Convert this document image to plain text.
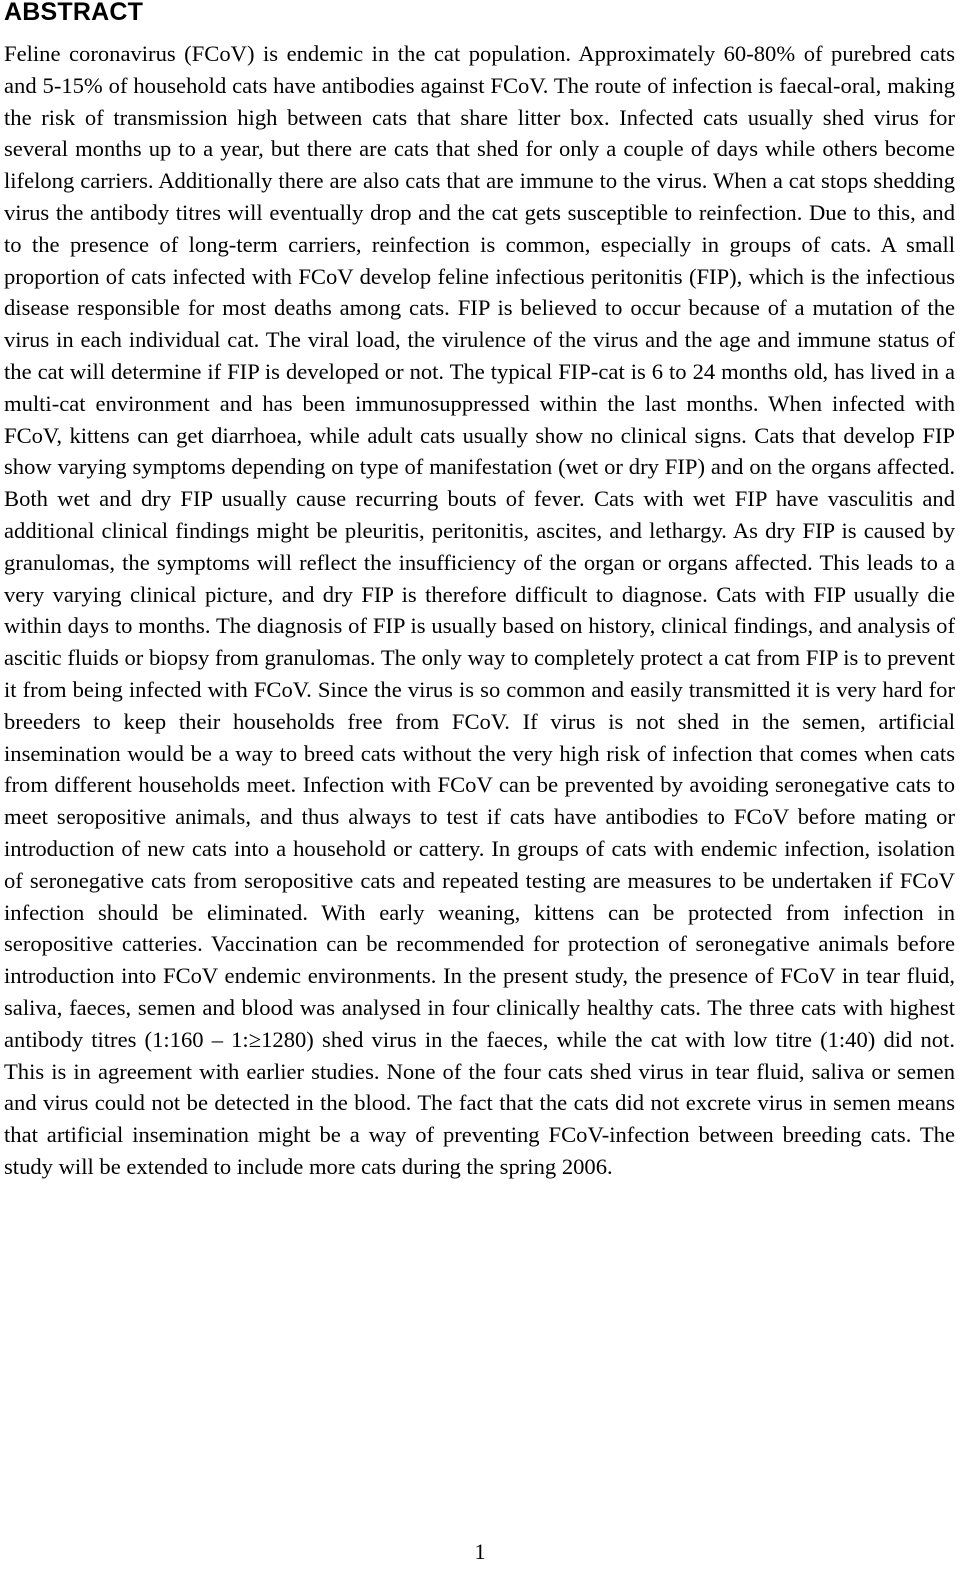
ABSTRACT

Feline coronavirus (FCoV) is endemic in the cat population. Approximately 60-80% of purebred cats and 5-15% of household cats have antibodies against FCoV. The route of infection is faecal-oral, making the risk of transmission high between cats that share litter box. Infected cats usually shed virus for several months up to a year, but there are cats that shed for only a couple of days while others become lifelong carriers. Additionally there are also cats that are immune to the virus. When a cat stops shedding virus the antibody titres will eventually drop and the cat gets susceptible to reinfection. Due to this, and to the presence of long-term carriers, reinfection is common, especially in groups of cats. A small proportion of cats infected with FCoV develop feline infectious peritonitis (FIP), which is the infectious disease responsible for most deaths among cats. FIP is believed to occur because of a mutation of the virus in each individual cat. The viral load, the virulence of the virus and the age and immune status of the cat will determine if FIP is developed or not. The typical FIP-cat is 6 to 24 months old, has lived in a multi-cat environment and has been immunosuppressed within the last months. When infected with FCoV, kittens can get diarrhoea, while adult cats usually show no clinical signs. Cats that develop FIP show varying symptoms depending on type of manifestation (wet or dry FIP) and on the organs affected. Both wet and dry FIP usually cause recurring bouts of fever. Cats with wet FIP have vasculitis and additional clinical findings might be pleuritis, peritonitis, ascites, and lethargy. As dry FIP is caused by granulomas, the symptoms will reflect the insufficiency of the organ or organs affected. This leads to a very varying clinical picture, and dry FIP is therefore difficult to diagnose. Cats with FIP usually die within days to months. The diagnosis of FIP is usually based on history, clinical findings, and analysis of ascitic fluids or biopsy from granulomas. The only way to completely protect a cat from FIP is to prevent it from being infected with FCoV. Since the virus is so common and easily transmitted it is very hard for breeders to keep their households free from FCoV. If virus is not shed in the semen, artificial insemination would be a way to breed cats without the very high risk of infection that comes when cats from different households meet. Infection with FCoV can be prevented by avoiding seronegative cats to meet seropositive animals, and thus always to test if cats have antibodies to FCoV before mating or introduction of new cats into a household or cattery. In groups of cats with endemic infection, isolation of seronegative cats from seropositive cats and repeated testing are measures to be undertaken if FCoV infection should be eliminated. With early weaning, kittens can be protected from infection in seropositive catteries. Vaccination can be recommended for protection of seronegative animals before introduction into FCoV endemic environments. In the present study, the presence of FCoV in tear fluid, saliva, faeces, semen and blood was analysed in four clinically healthy cats. The three cats with highest antibody titres (1:160 – 1:≥1280) shed virus in the faeces, while the cat with low titre (1:40) did not. This is in agreement with earlier studies. None of the four cats shed virus in tear fluid, saliva or semen and virus could not be detected in the blood. The fact that the cats did not excrete virus in semen means that artificial insemination might be a way of preventing FCoV-infection between breeding cats. The study will be extended to include more cats during the spring 2006.

1
